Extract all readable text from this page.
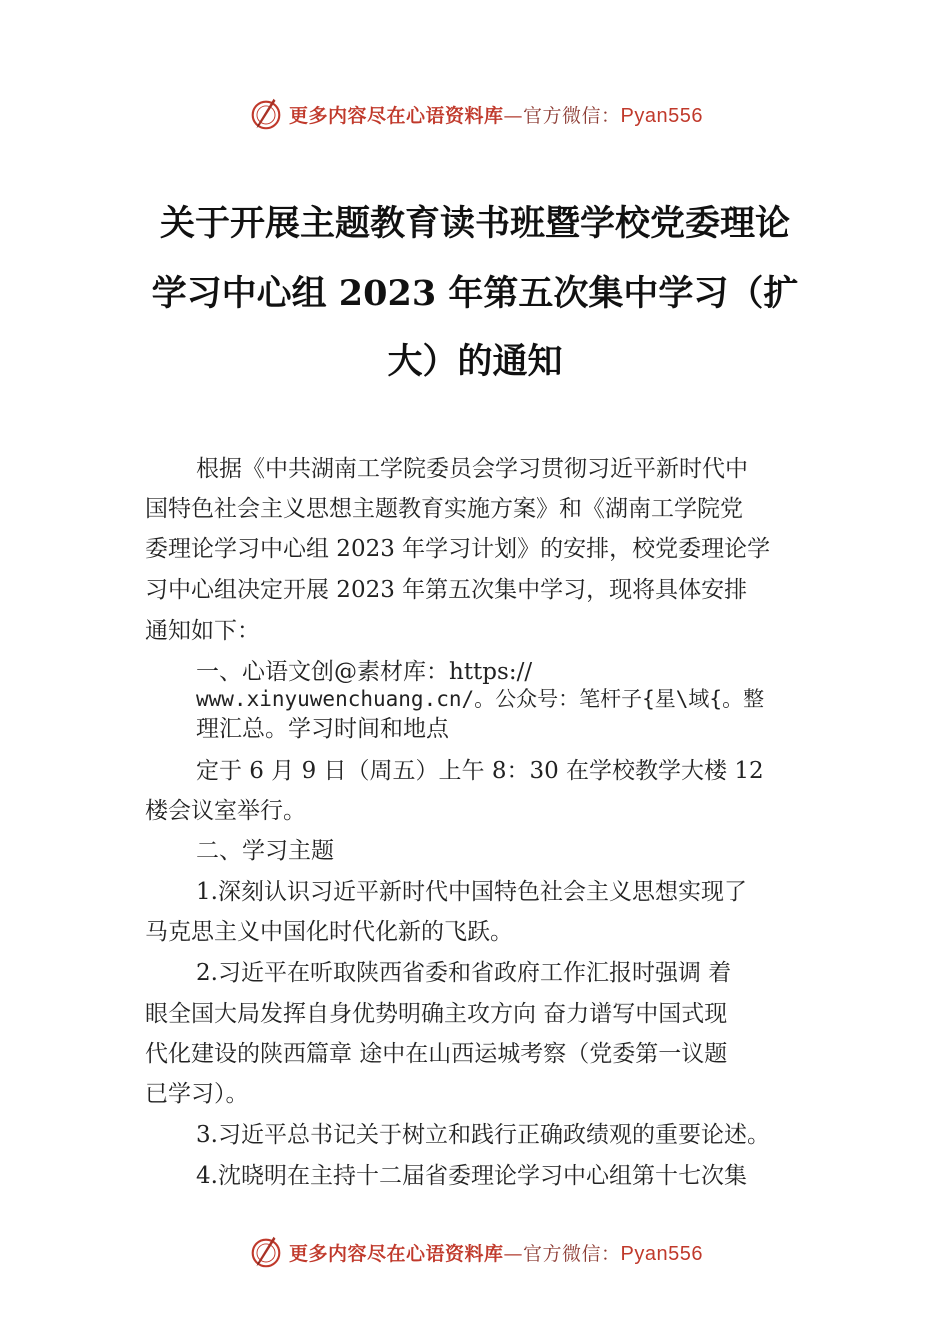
更多内容尽在心语资料库—官方微信：Pyan556
关于开展主题教育读书班暨学校党委理论
学习中心组 2023 年第五次集中学习（扩
大）的通知
根据《中共湖南工学院委员会学习贯彻习近平新时代中
国特色社会主义思想主题教育实施方案》和《湖南工学院党
委理论学习中心组 2023 年学习计划》的安排，校党委理论学
习中心组决定开展 2023 年第五次集中学习，现将具体安排
通知如下：
一、心语文创@素材库：https://
www.xinyuwenchuang.cn/。公众号：笔杆子{星\域{。整
理汇总。学习时间和地点
定于 6 月 9 日（周五）上午 8：30 在学校教学大楼 12
楼会议室举行。
二、学习主题
1.深刻认识习近平新时代中国特色社会主义思想实现了
马克思主义中国化时代化新的飞跃。
2.习近平在听取陕西省委和省政府工作汇报时强调 着
眼全国大局发挥自身优势明确主攻方向 奋力谱写中国式现
代化建设的陕西篇章 途中在山西运城考察（党委第一议题
已学习）。
3.习近平总书记关于树立和践行正确政绩观的重要论述。
4.沈晓明在主持十二届省委理论学习中心组第十七次集
更多内容尽在心语资料库—官方微信：Pyan556
